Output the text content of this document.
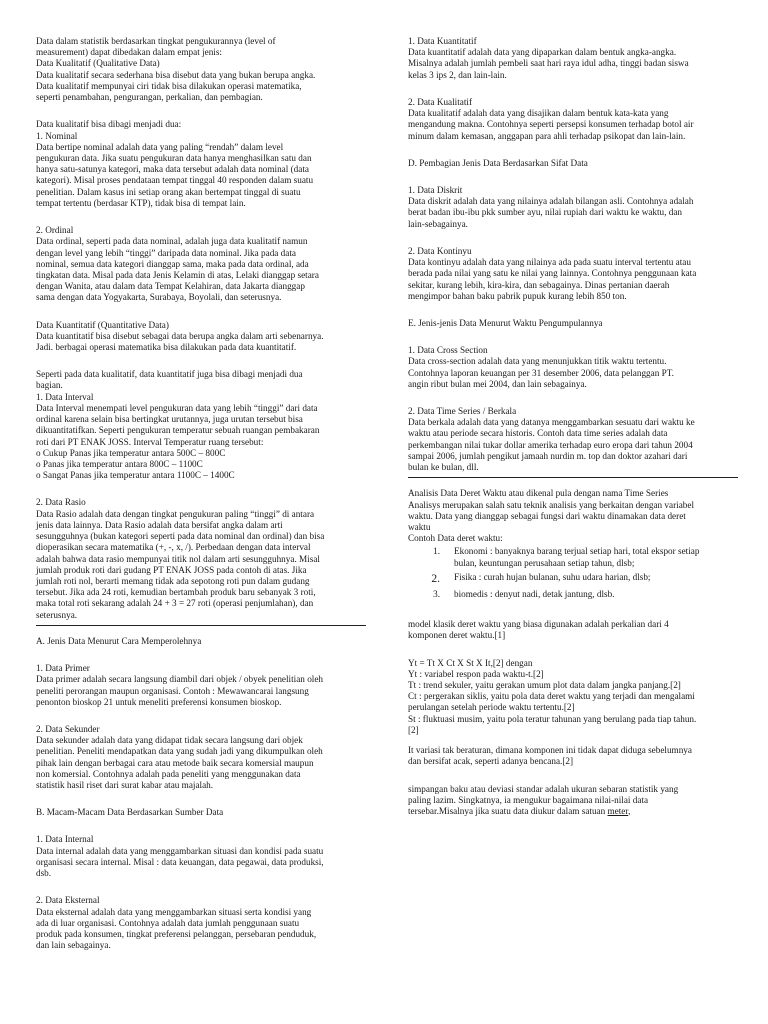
Data dalam statistik berdasarkan tingkat pengukurannya (level of
measurement) dapat dibedakan dalam empat jenis:
Data Kualitatif (Qualitative Data)
Data kualitatif secara sederhana bisa disebut data yang bukan berupa angka.
Data kualitatif mempunyai ciri tidak bisa dilakukan operasi matematika,
seperti penambahan, pengurangan, perkalian, dan pembagian.

Data kualitatif bisa dibagi menjadi dua:
1. Nominal
Data bertipe nominal adalah data yang paling “rendah” dalam level
pengukuran data. Jika suatu pengukuran data hanya menghasilkan satu dan
hanya satu-satunya kategori, maka data tersebut adalah data nominal (data
kategori). Misal proses pendataan tempat tinggal 40 responden dalam suatu
penelitian. Dalam kasus ini setiap orang akan bertempat tinggal di suatu
tempat tertentu (berdasar KTP), tidak bisa di tempat lain.

2. Ordinal
Data ordinal, seperti pada data nominal, adalah juga data kualitatif namun
dengan level yang lebih “tinggi” daripada data nominal. Jika pada data
nominal, semua data kategori dianggap sama, maka pada data ordinal, ada
tingkatan data. Misal pada data Jenis Kelamin di atas, Lelaki dianggap setara
dengan Wanita, atau dalam data Tempat Kelahiran, data Jakarta dianggap
sama dengan data Yogyakarta, Surabaya, Boyolali, dan seterusnya.

Data Kuantitatif (Quantitative Data)
Data kuantitatif bisa disebut sebagai data berupa angka dalam arti sebenarnya.
Jadi. berbagai operasi matematika bisa dilakukan pada data kuantitatif.

Seperti pada data kualitatif, data kuantitatif juga bisa dibagi menjadi dua
bagian.
1. Data Interval
Data Interval menempati level pengukuran data yang lebih “tinggi” dari data
ordinal karena selain bisa bertingkat urutannya, juga urutan tersebut bisa
dikuantitatifkan. Seperti pengukuran temperatur sebuah ruangan pembakaran
roti dari PT ENAK JOSS. Interval Temperatur ruang tersebut:
o Cukup Panas jika temperatur antara 500C – 800C
o Panas jika temperatur antara 800C – 1100C
o Sangat Panas jika temperatur antara 1100C – 1400C

2. Data Rasio
Data Rasio adalah data dengan tingkat pengukuran paling “tinggi” di antara
jenis data lainnya. Data Rasio adalah data bersifat angka dalam arti
sesungguhnya (bukan kategori seperti pada data nominal dan ordinal) dan bisa
dioperasikan secara matematika (+, -, x, /). Perbedaan dengan data interval
adalah bahwa data rasio mempunyai titik nol dalam arti sesungguhnya. Misal
jumlah produk roti dari gudang PT ENAK JOSS pada contoh di atas. Jika
jumlah roti nol, berarti memang tidak ada sepotong roti pun dalam gudang
tersebut. Jika ada 24 roti, kemudian bertambah produk baru sebanyak 3 roti,
maka total roti sekarang adalah 24 + 3 = 27 roti (operasi penjumlahan), dan
seterusnya.

A. Jenis Data Menurut Cara Memperolehnya

1. Data Primer
Data primer adalah secara langsung diambil dari objek / obyek penelitian oleh
peneliti perorangan maupun organisasi. Contoh : Mewawancarai langsung
penonton bioskop 21 untuk meneliti preferensi konsumen bioskop.

2. Data Sekunder
Data sekunder adalah data yang didapat tidak secara langsung dari objek
penelitian. Peneliti mendapatkan data yang sudah jadi yang dikumpulkan oleh
pihak lain dengan berbagai cara atau metode baik secara komersial maupun
non komersial. Contohnya adalah pada peneliti yang menggunakan data
statistik hasil riset dari surat kabar atau majalah.

B. Macam-Macam Data Berdasarkan Sumber Data

1. Data Internal
Data internal adalah data yang menggambarkan situasi dan kondisi pada suatu
organisasi secara internal. Misal : data keuangan, data pegawai, data produksi,
dsb.

2. Data Eksternal
Data eksternal adalah data yang menggambarkan situasi serta kondisi yang
ada di luar organisasi. Contohnya adalah data jumlah penggunaan suatu
produk pada konsumen, tingkat preferensi pelanggan, persebaran penduduk,
dan lain sebagainya.

1. Data Kuantitatif
Data kuantitatif adalah data yang dipaparkan dalam bentuk angka-angka.
Misalnya adalah jumlah pembeli saat hari raya idul adha, tinggi badan siswa
kelas 3 ips 2, dan lain-lain.

2. Data Kualitatif
Data kualitatif adalah data yang disajikan dalam bentuk kata-kata yang
mengandung makna. Contohnya seperti persepsi konsumen terhadap botol air
minum dalam kemasan, anggapan para ahli terhadap psikopat dan lain-lain.

D. Pembagian Jenis Data Berdasarkan Sifat Data

1. Data Diskrit
Data diskrit adalah data yang nilainya adalah bilangan asli. Contohnya adalah
berat badan ibu-ibu pkk sumber ayu, nilai rupiah dari waktu ke waktu, dan
lain-sebagainya.

2. Data Kontinyu
Data kontinyu adalah data yang nilainya ada pada suatu interval tertentu atau
berada pada nilai yang satu ke nilai yang lainnya. Contohnya penggunaan kata
sekitar, kurang lebih, kira-kira, dan sebagainya. Dinas pertanian daerah
mengimpor bahan baku pabrik pupuk kurang lebih 850 ton.

E. Jenis-jenis Data Menurut Waktu Pengumpulannya

1. Data Cross Section
Data cross-section adalah data yang menunjukkan titik waktu tertentu.
Contohnya laporan keuangan per 31 desember 2006, data pelanggan PT.
angin ribut bulan mei 2004, dan lain sebagainya.

2. Data Time Series / Berkala
Data berkala adalah data yang datanya menggambarkan sesuatu dari waktu ke
waktu atau periode secara historis. Contoh data time series adalah data
perkembangan nilai tukar dollar amerika terhadap euro eropa dari tahun 2004
sampai 2006, jumlah pengikut jamaah nurdin m. top dan doktor azahari dari
bulan ke bulan, dll.

Analisis Data Deret Waktu atau dikenal pula dengan nama Time Series
Analisys merupakan salah satu teknik analisis yang berkaitan dengan variabel
waktu. Data yang dianggap sebagai fungsi dari waktu dinamakan data deret
waktu
Contoh Data deret waktu:

1.	Ekonomi : banyaknya barang terjual setiap hari, total ekspor setiap
bulan, keuntungan perusahaan setiap tahun, dlsb;
2.	Fisika : curah hujan bulanan, suhu udara harian, dlsb;
3.	biomedis : denyut nadi, detak jantung, dlsb.

model klasik deret waktu yang biasa digunakan adalah perkalian dari 4
komponen deret waktu.[1]

Yt = Tt X Ct X St X It,[2] dengan
Yt : variabel respon pada waktu-t.[2]
Tt : trend sekuler, yaitu gerakan umum plot data dalam jangka panjang.[2]
Ct : pergerakan siklis, yaitu pola data deret waktu yang terjadi dan mengalami
perulangan setelah periode waktu tertentu.[2]
St : fluktuasi musim, yaitu pola teratur tahunan yang berulang pada tiap tahun.
[2]

It variasi tak beraturan, dimana komponen ini tidak dapat diduga sebelumnya
dan bersifat acak, seperti adanya bencana.[2]

simpangan baku atau deviasi standar adalah ukuran sebaran statistik yang
paling lazim. Singkatnya, ia mengukur bagaimana nilai-nilai data
tersebar.Misalnya jika suatu data diukur dalam satuan meter,
